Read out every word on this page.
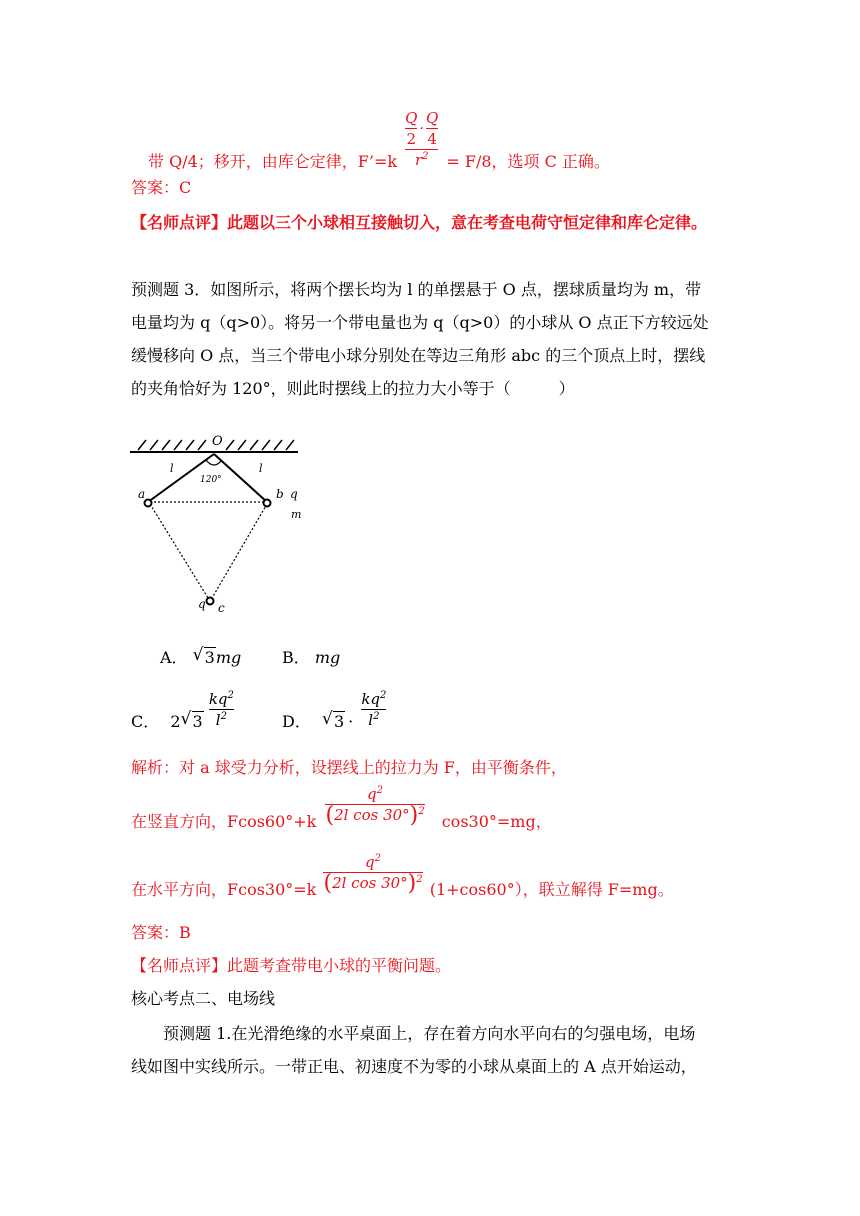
带 Q/4；移开，由库仑定律，F’=k $\frac{\frac{Q}{2} \cdot \frac{Q}{4}}{r^2} = F/8$，选项 C 正确。
答案：C
【名师点评】此题以三个小球相互接触切入，意在考查电荷守恒定律和库仑定律。
预测题 3．如图所示，将两个摆长均为 l 的单摆悬于 O 点，摆球质量均为 m，带
电量均为 q（q>0）。将另一个带电量也为 q（q>0）的小球从 O 点正下方较远处
缓慢移向 O 点，当三个带电小球分别处在等边三角形 abc 的三个顶点上时，摆线
的夹角恰好为 120°，则此时摆线上的拉力大小等于（　　　）
O
l	l
120°
a	b q
m
q c
A． √ 3mg	B． mg
C． 2 √ $3 \frac{kq^2}{l^2}$	D． √ $3 \cdot \frac{kq^2}{l^2}$
解析：对 a 球受力分析，设摆线上的拉力为 F，由平衡条件，
在竖直方向，$Fcos60^\circ+k \frac{q^2}{(2l \cos 30^\circ)^2} \cos 30^\circ=mg$，
在水平方向，$Fcos30^\circ=k \frac{q^2}{(2l \cos 30^\circ)^2} (1+\cos 60^\circ)$，联立解得 F=mg。
答案：B
【名师点评】此题考查带电小球的平衡问题。
核心考点二、电场线
预测题 1.在光滑绝缘的水平桌面上，存在着方向水平向右的匀强电场，电场
线如图中实线所示。一带正电、初速度不为零的小球从桌面上的 A 点开始运动，
